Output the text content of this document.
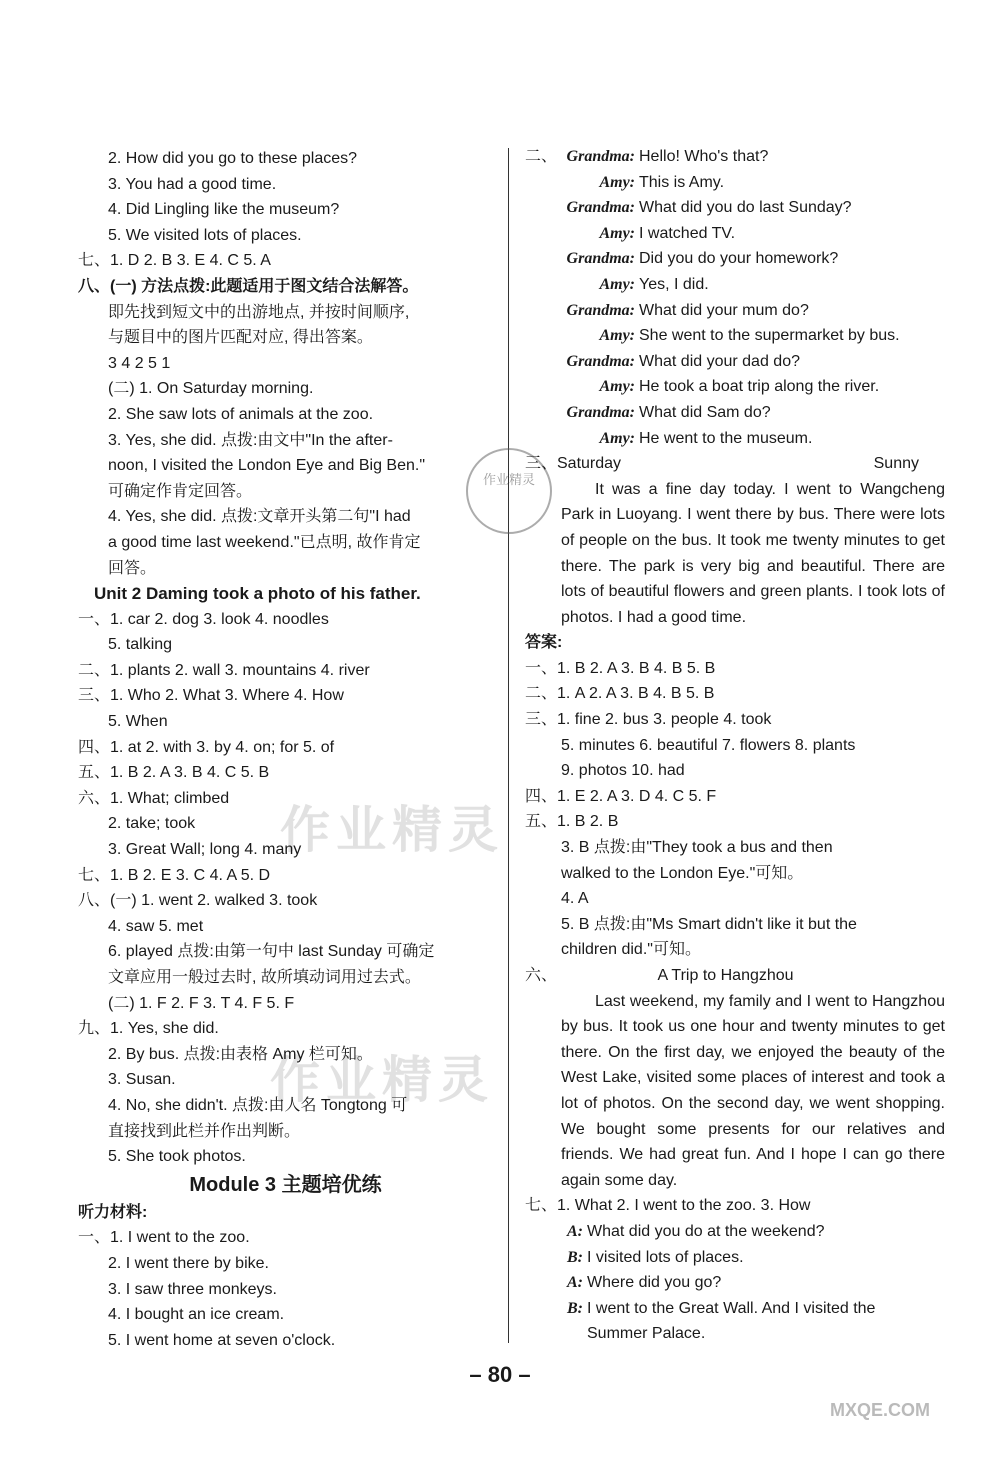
作业精灵
作业精灵
作业精灵
2. How did you go to these places?
3. You had a good time.
4. Did Lingling like the museum?
5. We visited lots of places.
七、1. D 2. B 3. E 4. C 5. A
八、(一) 方法点拨:此题适用于图文结合法解答。
即先找到短文中的出游地点, 并按时间顺序,
与题目中的图片匹配对应, 得出答案。
3 4 2 5 1
(二) 1. On Saturday morning.
2. She saw lots of animals at the zoo.
3. Yes, she did. 点拨:由文中"In the after-
noon, I visited the London Eye and Big Ben."
可确定作肯定回答。
4. Yes, she did. 点拨:文章开头第二句"I had
a good time last weekend."已点明, 故作肯定
回答。
Unit 2 Daming took a photo of his father.
一、1. car 2. dog 3. look 4. noodles
5. talking
二、1. plants 2. wall 3. mountains 4. river
三、1. Who 2. What 3. Where 4. How
5. When
四、1. at 2. with 3. by 4. on; for 5. of
五、1. B 2. A 3. B 4. C 5. B
六、1. What; climbed
2. take; took
3. Great Wall; long 4. many
七、1. B 2. E 3. C 4. A 5. D
八、(一) 1. went 2. walked 3. took
4. saw 5. met
6. played 点拨:由第一句中 last Sunday 可确定
文章应用一般过去时, 故所填动词用过去式。
(二) 1. F 2. F 3. T 4. F 5. F
九、1. Yes, she did.
2. By bus. 点拨:由表格 Amy 栏可知。
3. Susan.
4. No, she didn't. 点拨:由人名 Tongtong 可
直接找到此栏并作出判断。
5. She took photos.
Module 3 主题培优练
听力材料:
一、1. I went to the zoo.
2. I went there by bike.
3. I saw three monkeys.
4. I bought an ice cream.
5. I went home at seven o'clock.
二、 Grandma: Hello! Who's that?
Amy: This is Amy.
Grandma: What did you do last Sunday?
Amy: I watched TV.
Grandma: Did you do your homework?
Amy: Yes, I did.
Grandma: What did your mum do?
Amy: She went to the supermarket by bus.
Grandma: What did your dad do?
Amy: He took a boat trip along the river.
Grandma: What did Sam do?
Amy: He went to the museum.
三、Saturday	Sunny
It was a fine day today. I went to Wangcheng Park in Luoyang. I went there by bus. There were lots of people on the bus. It took me twenty minutes to get there. The park is very big and beautiful. There are lots of beautiful flowers and green plants. I took lots of photos. I had a good time.
答案:
一、1. B 2. A 3. B 4. B 5. B
二、1. A 2. A 3. B 4. B 5. B
三、1. fine 2. bus 3. people 4. took
5. minutes 6. beautiful 7. flowers 8. plants
9. photos 10. had
四、1. E 2. A 3. D 4. C 5. F
五、1. B 2. B
3. B 点拨:由"They took a bus and then
walked to the London Eye."可知。
4. A
5. B 点拨:由"Ms Smart didn't like it but the
children did."可知。
六、	A Trip to Hangzhou
Last weekend, my family and I went to Hangzhou by bus. It took us one hour and twenty minutes to get there. On the first day, we enjoyed the beauty of the West Lake, visited some places of interest and took a lot of photos. On the second day, we went shopping. We bought some presents for our relatives and friends. We had great fun. And I hope I can go there again some day.
七、1. What 2. I went to the zoo. 3. How
A: What did you do at the weekend?
B: I visited lots of places.
A: Where did you go?
B: I went to the Great Wall. And I visited the
Summer Palace.
– 80 –
MXQE.COM
